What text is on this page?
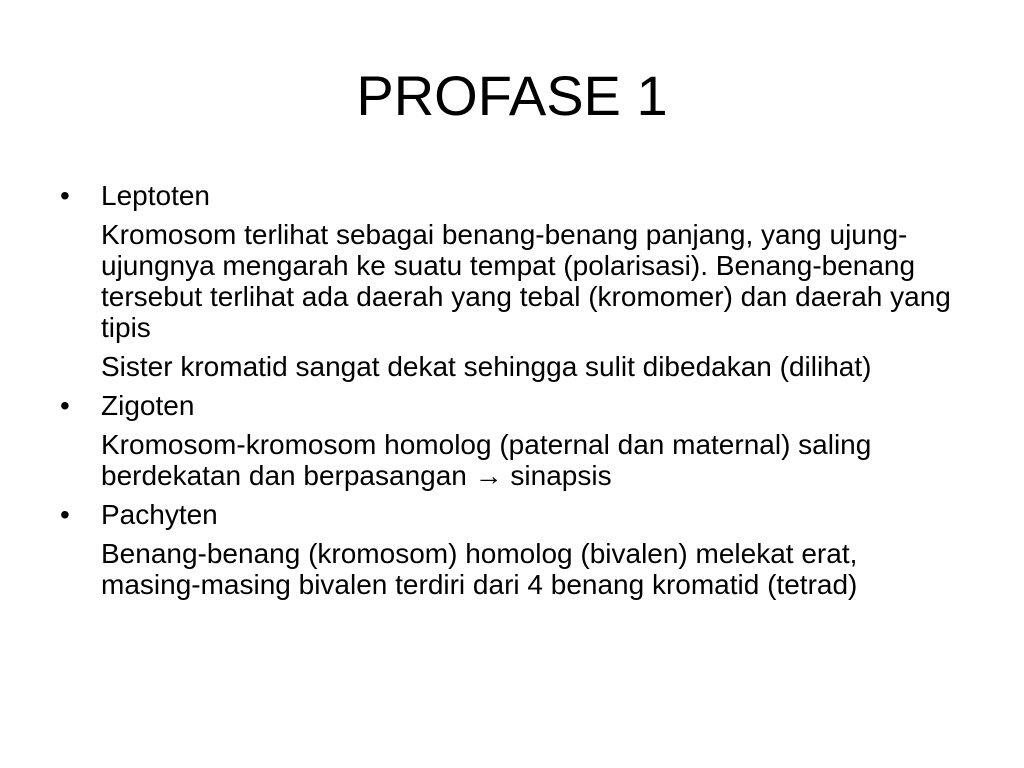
PROFASE 1
•	Leptoten
Kromosom terlihat sebagai benang-benang panjang, yang ujung-ujungnya mengarah ke suatu tempat (polarisasi). Benang-benang tersebut terlihat ada daerah yang tebal (kromomer) dan daerah yang tipis
Sister kromatid sangat dekat sehingga sulit dibedakan (dilihat)
•	Zigoten
Kromosom-kromosom homolog (paternal dan maternal) saling berdekatan dan berpasangan → sinapsis
•	Pachyten
Benang-benang (kromosom) homolog (bivalen) melekat erat, masing-masing bivalen terdiri dari 4 benang kromatid (tetrad)
